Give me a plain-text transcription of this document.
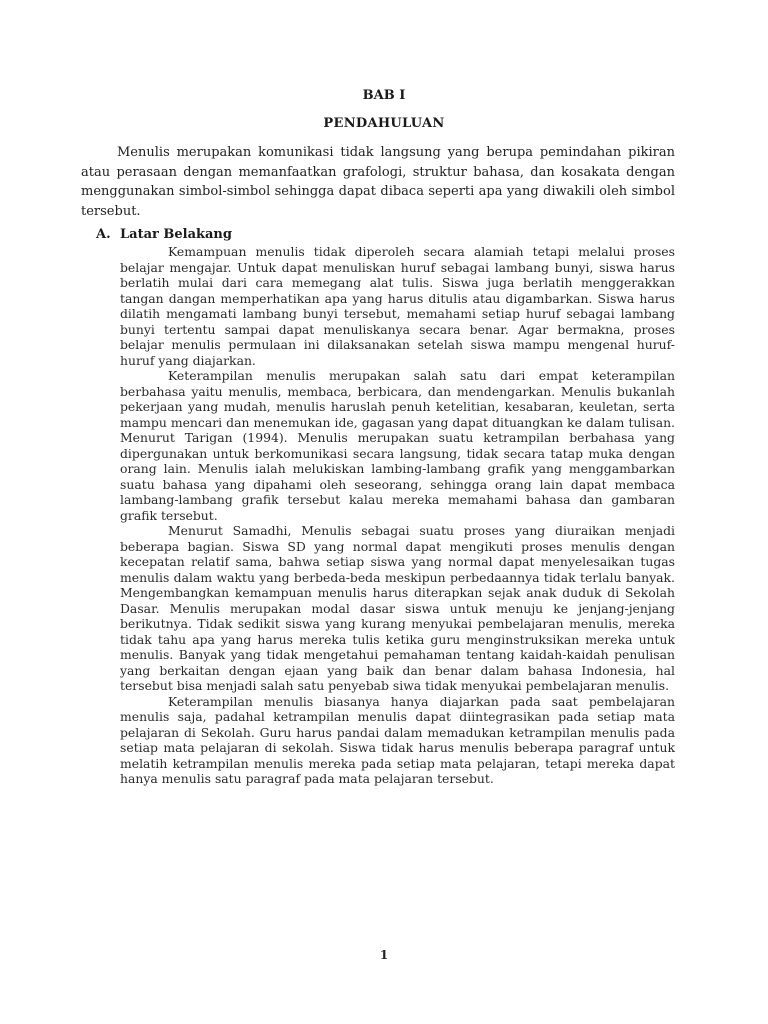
BAB I
PENDAHULUAN

Menulis merupakan komunikasi tidak langsung yang berupa pemindahan pikiran atau perasaan dengan memanfaatkan grafologi, struktur bahasa, dan kosakata dengan menggunakan simbol-simbol sehingga dapat dibaca seperti apa yang diwakili oleh simbol tersebut.

A. Latar Belakang

Kemampuan menulis tidak diperoleh secara alamiah tetapi melalui proses belajar mengajar. Untuk dapat menuliskan huruf sebagai lambang bunyi, siswa harus berlatih mulai dari cara memegang alat tulis. Siswa juga berlatih menggerakkan tangan dangan memperhatikan apa yang harus ditulis atau digambarkan. Siswa harus dilatih mengamati lambang bunyi tersebut, memahami setiap huruf sebagai lambang bunyi tertentu sampai dapat menuliskanya secara benar. Agar bermakna, proses belajar menulis permulaan ini dilaksanakan setelah siswa mampu mengenal huruf-huruf yang diajarkan.

Keterampilan menulis merupakan salah satu dari empat keterampilan berbahasa yaitu menulis, membaca, berbicara, dan mendengarkan. Menulis bukanlah pekerjaan yang mudah, menulis haruslah penuh ketelitian, kesabaran, keuletan, serta mampu mencari dan menemukan ide, gagasan yang dapat dituangkan ke dalam tulisan. Menurut Tarigan (1994). Menulis merupakan suatu ketrampilan berbahasa yang dipergunakan untuk berkomunikasi secara langsung, tidak secara tatap muka dengan orang lain. Menulis ialah melukiskan lambing-lambang grafik yang menggambarkan suatu bahasa yang dipahami oleh seseorang, sehingga orang lain dapat membaca lambang-lambang grafik tersebut kalau mereka memahami bahasa dan gambaran grafik tersebut.

Menurut Samadhi, Menulis sebagai suatu proses yang diuraikan menjadi beberapa bagian. Siswa SD yang normal dapat mengikuti proses menulis dengan kecepatan relatif sama, bahwa setiap siswa yang normal dapat menyelesaikan tugas menulis dalam waktu yang berbeda-beda meskipun perbedaannya tidak terlalu banyak. Mengembangkan kemampuan menulis harus diterapkan sejak anak duduk di Sekolah Dasar. Menulis merupakan modal dasar siswa untuk menuju ke jenjang-jenjang berikutnya. Tidak sedikit siswa yang kurang menyukai pembelajaran menulis, mereka tidak tahu apa yang harus mereka tulis ketika guru menginstruksikan mereka untuk menulis. Banyak yang tidak mengetahui pemahaman tentang kaidah-kaidah penulisan yang berkaitan dengan ejaan yang baik dan benar dalam bahasa Indonesia, hal tersebut bisa menjadi salah satu penyebab siwa tidak menyukai pembelajaran menulis.

Keterampilan menulis biasanya hanya diajarkan pada saat pembelajaran menulis saja, padahal ketrampilan menulis dapat diintegrasikan pada setiap mata pelajaran di Sekolah. Guru harus pandai dalam memadukan ketrampilan menulis pada setiap mata pelajaran di sekolah. Siswa tidak harus menulis beberapa paragraf untuk melatih ketrampilan menulis mereka pada setiap mata pelajaran, tetapi mereka dapat hanya menulis satu paragraf pada mata pelajaran tersebut.

1
